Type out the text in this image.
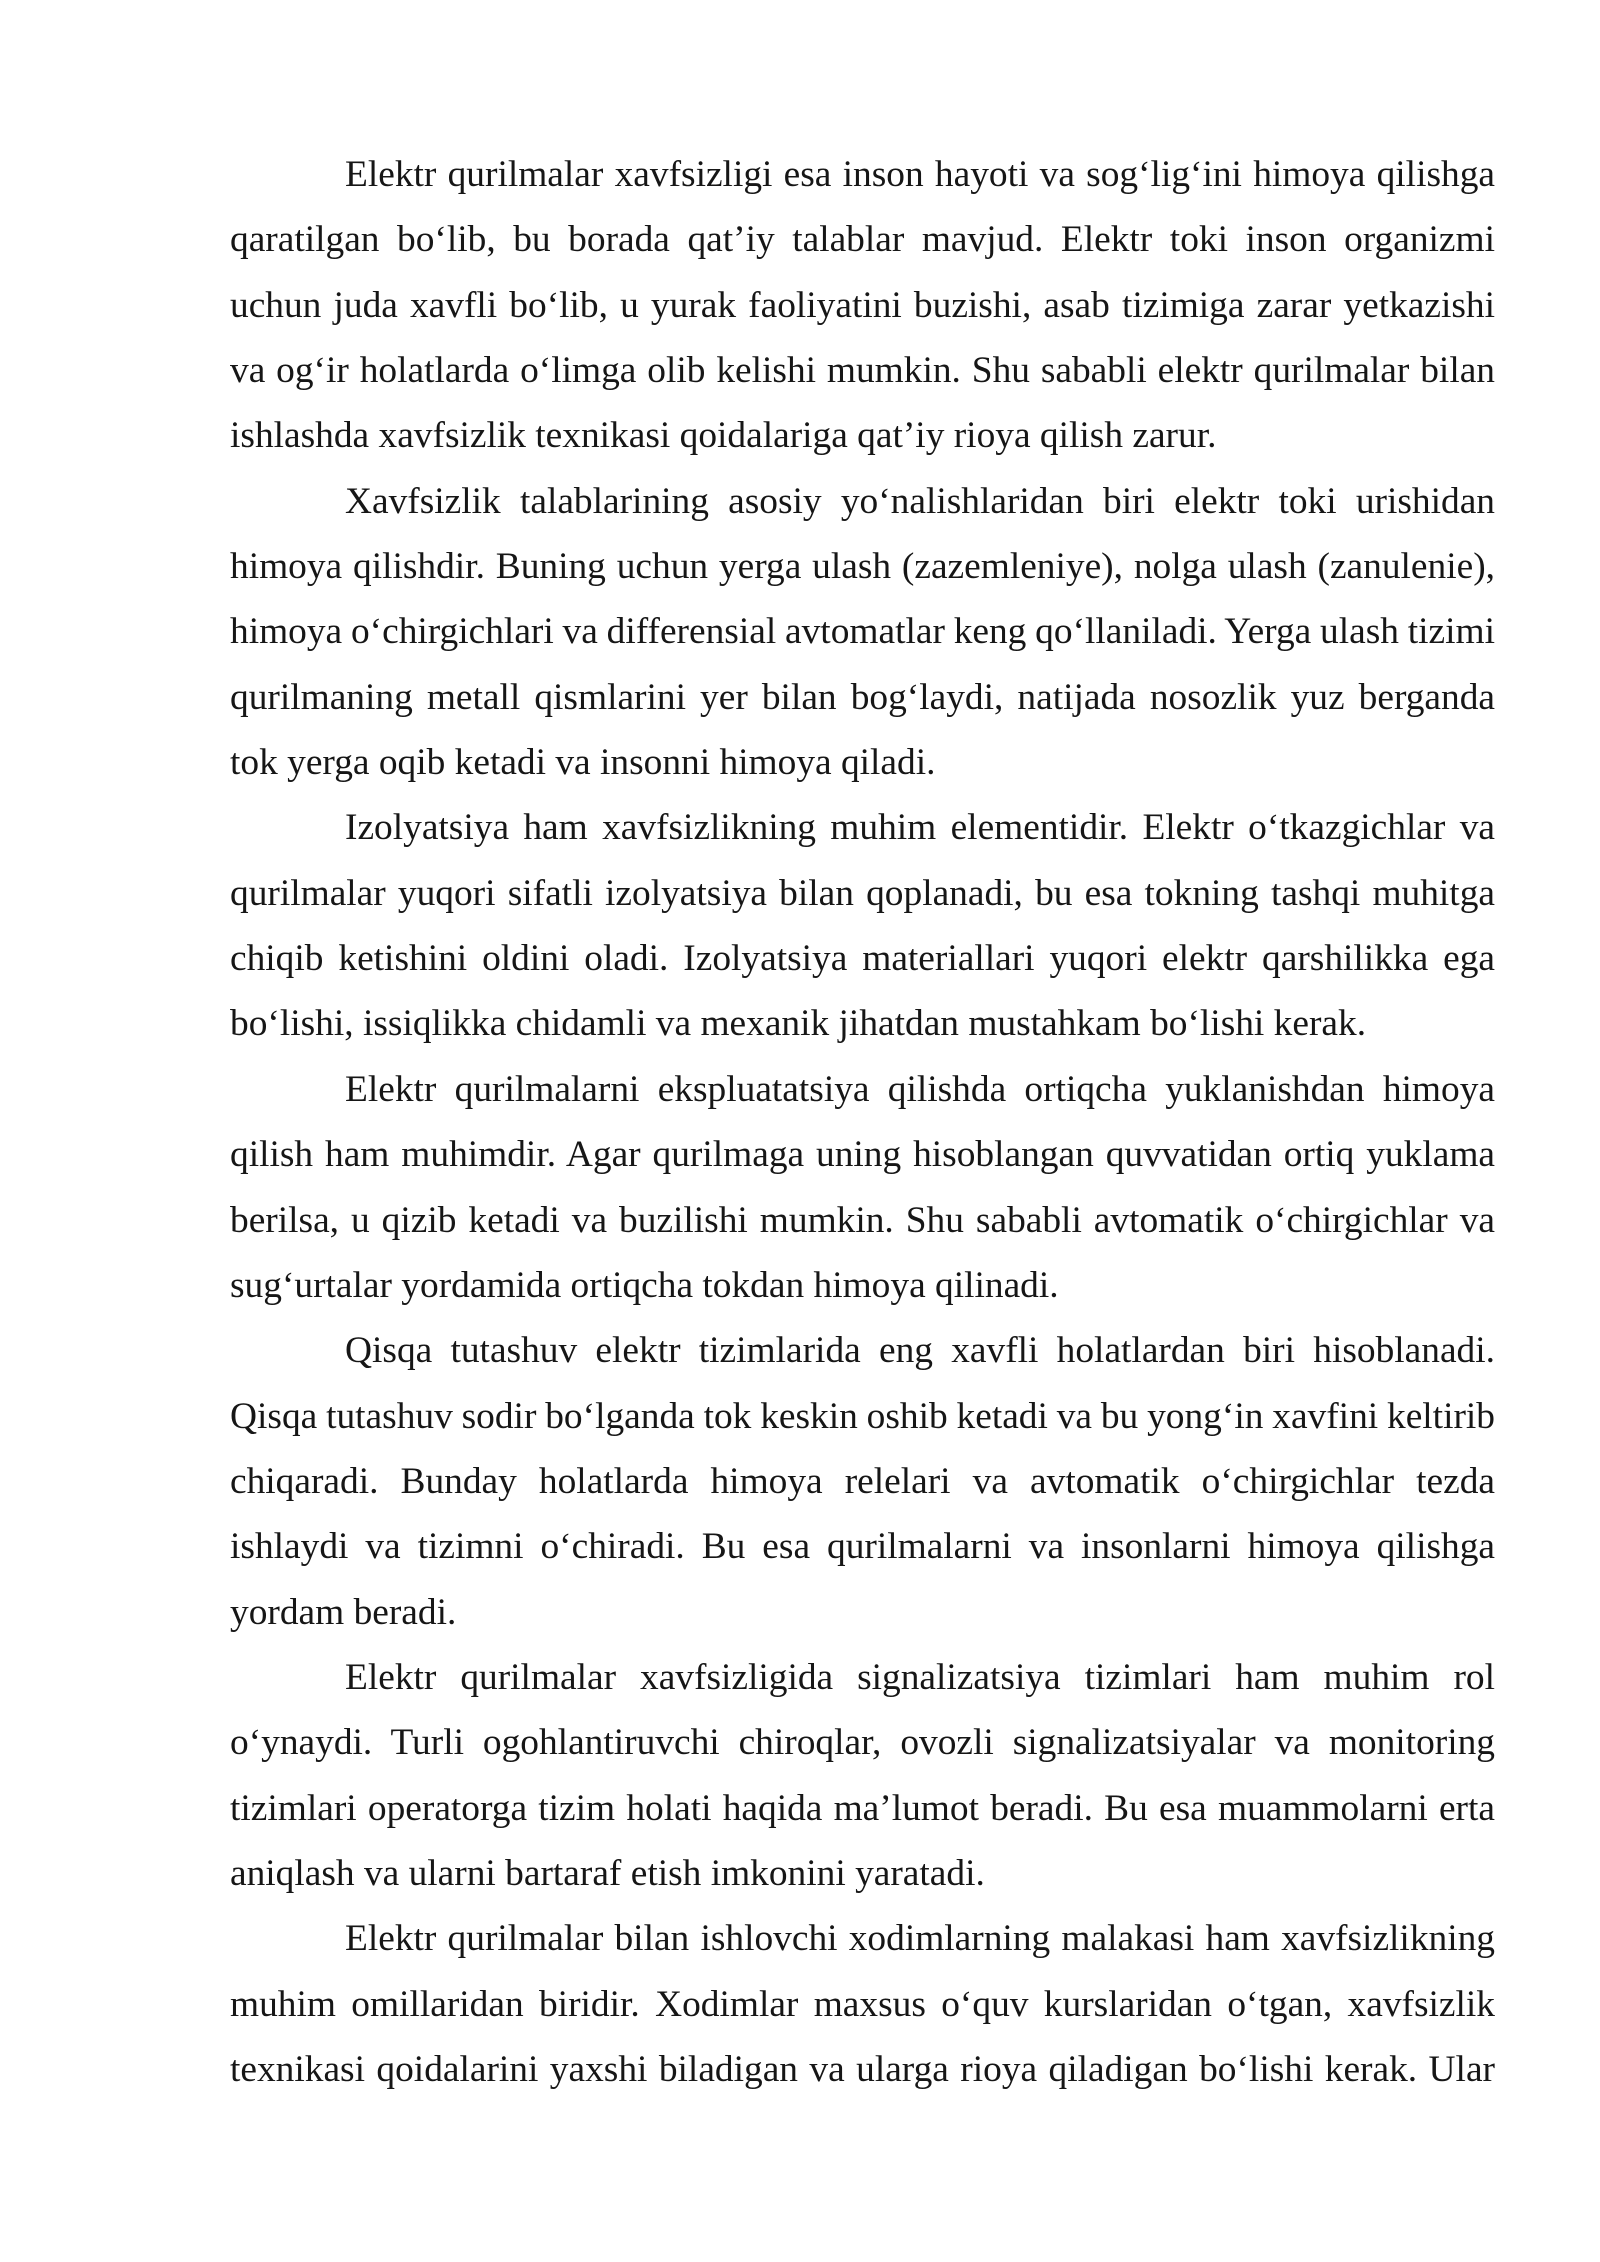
Elektr qurilmalar xavfsizligi esa inson hayoti va sog‘lig‘ini himoya qilishga
qaratilgan bo‘lib, bu borada qat’iy talablar mavjud. Elektr toki inson organizmi
uchun juda xavfli bo‘lib, u yurak faoliyatini buzishi, asab tizimiga zarar yetkazishi
va og‘ir holatlarda o‘limga olib kelishi mumkin. Shu sababli elektr qurilmalar bilan
ishlashda xavfsizlik texnikasi qoidalariga qat’iy rioya qilish zarur.
Xavfsizlik talablarining asosiy yo‘nalishlaridan biri elektr toki urishidan
himoya qilishdir. Buning uchun yerga ulash (zazemleniye), nolga ulash (zanulenie),
himoya o‘chirgichlari va differensial avtomatlar keng qo‘llaniladi. Yerga ulash tizimi
qurilmaning metall qismlarini yer bilan bog‘laydi, natijada nosozlik yuz berganda
tok yerga oqib ketadi va insonni himoya qiladi.
Izolyatsiya ham xavfsizlikning muhim elementidir. Elektr o‘tkazgichlar va
qurilmalar yuqori sifatli izolyatsiya bilan qoplanadi, bu esa tokning tashqi muhitga
chiqib ketishini oldini oladi. Izolyatsiya materiallari yuqori elektr qarshilikka ega
bo‘lishi, issiqlikka chidamli va mexanik jihatdan mustahkam bo‘lishi kerak.
Elektr qurilmalarni ekspluatatsiya qilishda ortiqcha yuklanishdan himoya
qilish ham muhimdir. Agar qurilmaga uning hisoblangan quvvatidan ortiq yuklama
berilsa, u qizib ketadi va buzilishi mumkin. Shu sababli avtomatik o‘chirgichlar va
sug‘urtalar yordamida ortiqcha tokdan himoya qilinadi.
Qisqa tutashuv elektr tizimlarida eng xavfli holatlardan biri hisoblanadi.
Qisqa tutashuv sodir bo‘lganda tok keskin oshib ketadi va bu yong‘in xavfini keltirib
chiqaradi. Bunday holatlarda himoya relelari va avtomatik o‘chirgichlar tezda
ishlaydi va tizimni o‘chiradi. Bu esa qurilmalarni va insonlarni himoya qilishga
yordam beradi.
Elektr qurilmalar xavfsizligida signalizatsiya tizimlari ham muhim rol
o‘ynaydi. Turli ogohlantiruvchi chiroqlar, ovozli signalizatsiyalar va monitoring
tizimlari operatorga tizim holati haqida ma’lumot beradi. Bu esa muammolarni erta
aniqlash va ularni bartaraf etish imkonini yaratadi.
Elektr qurilmalar bilan ishlovchi xodimlarning malakasi ham xavfsizlikning
muhim omillaridan biridir. Xodimlar maxsus o‘quv kurslaridan o‘tgan, xavfsizlik
texnikasi qoidalarini yaxshi biladigan va ularga rioya qiladigan bo‘lishi kerak. Ular
